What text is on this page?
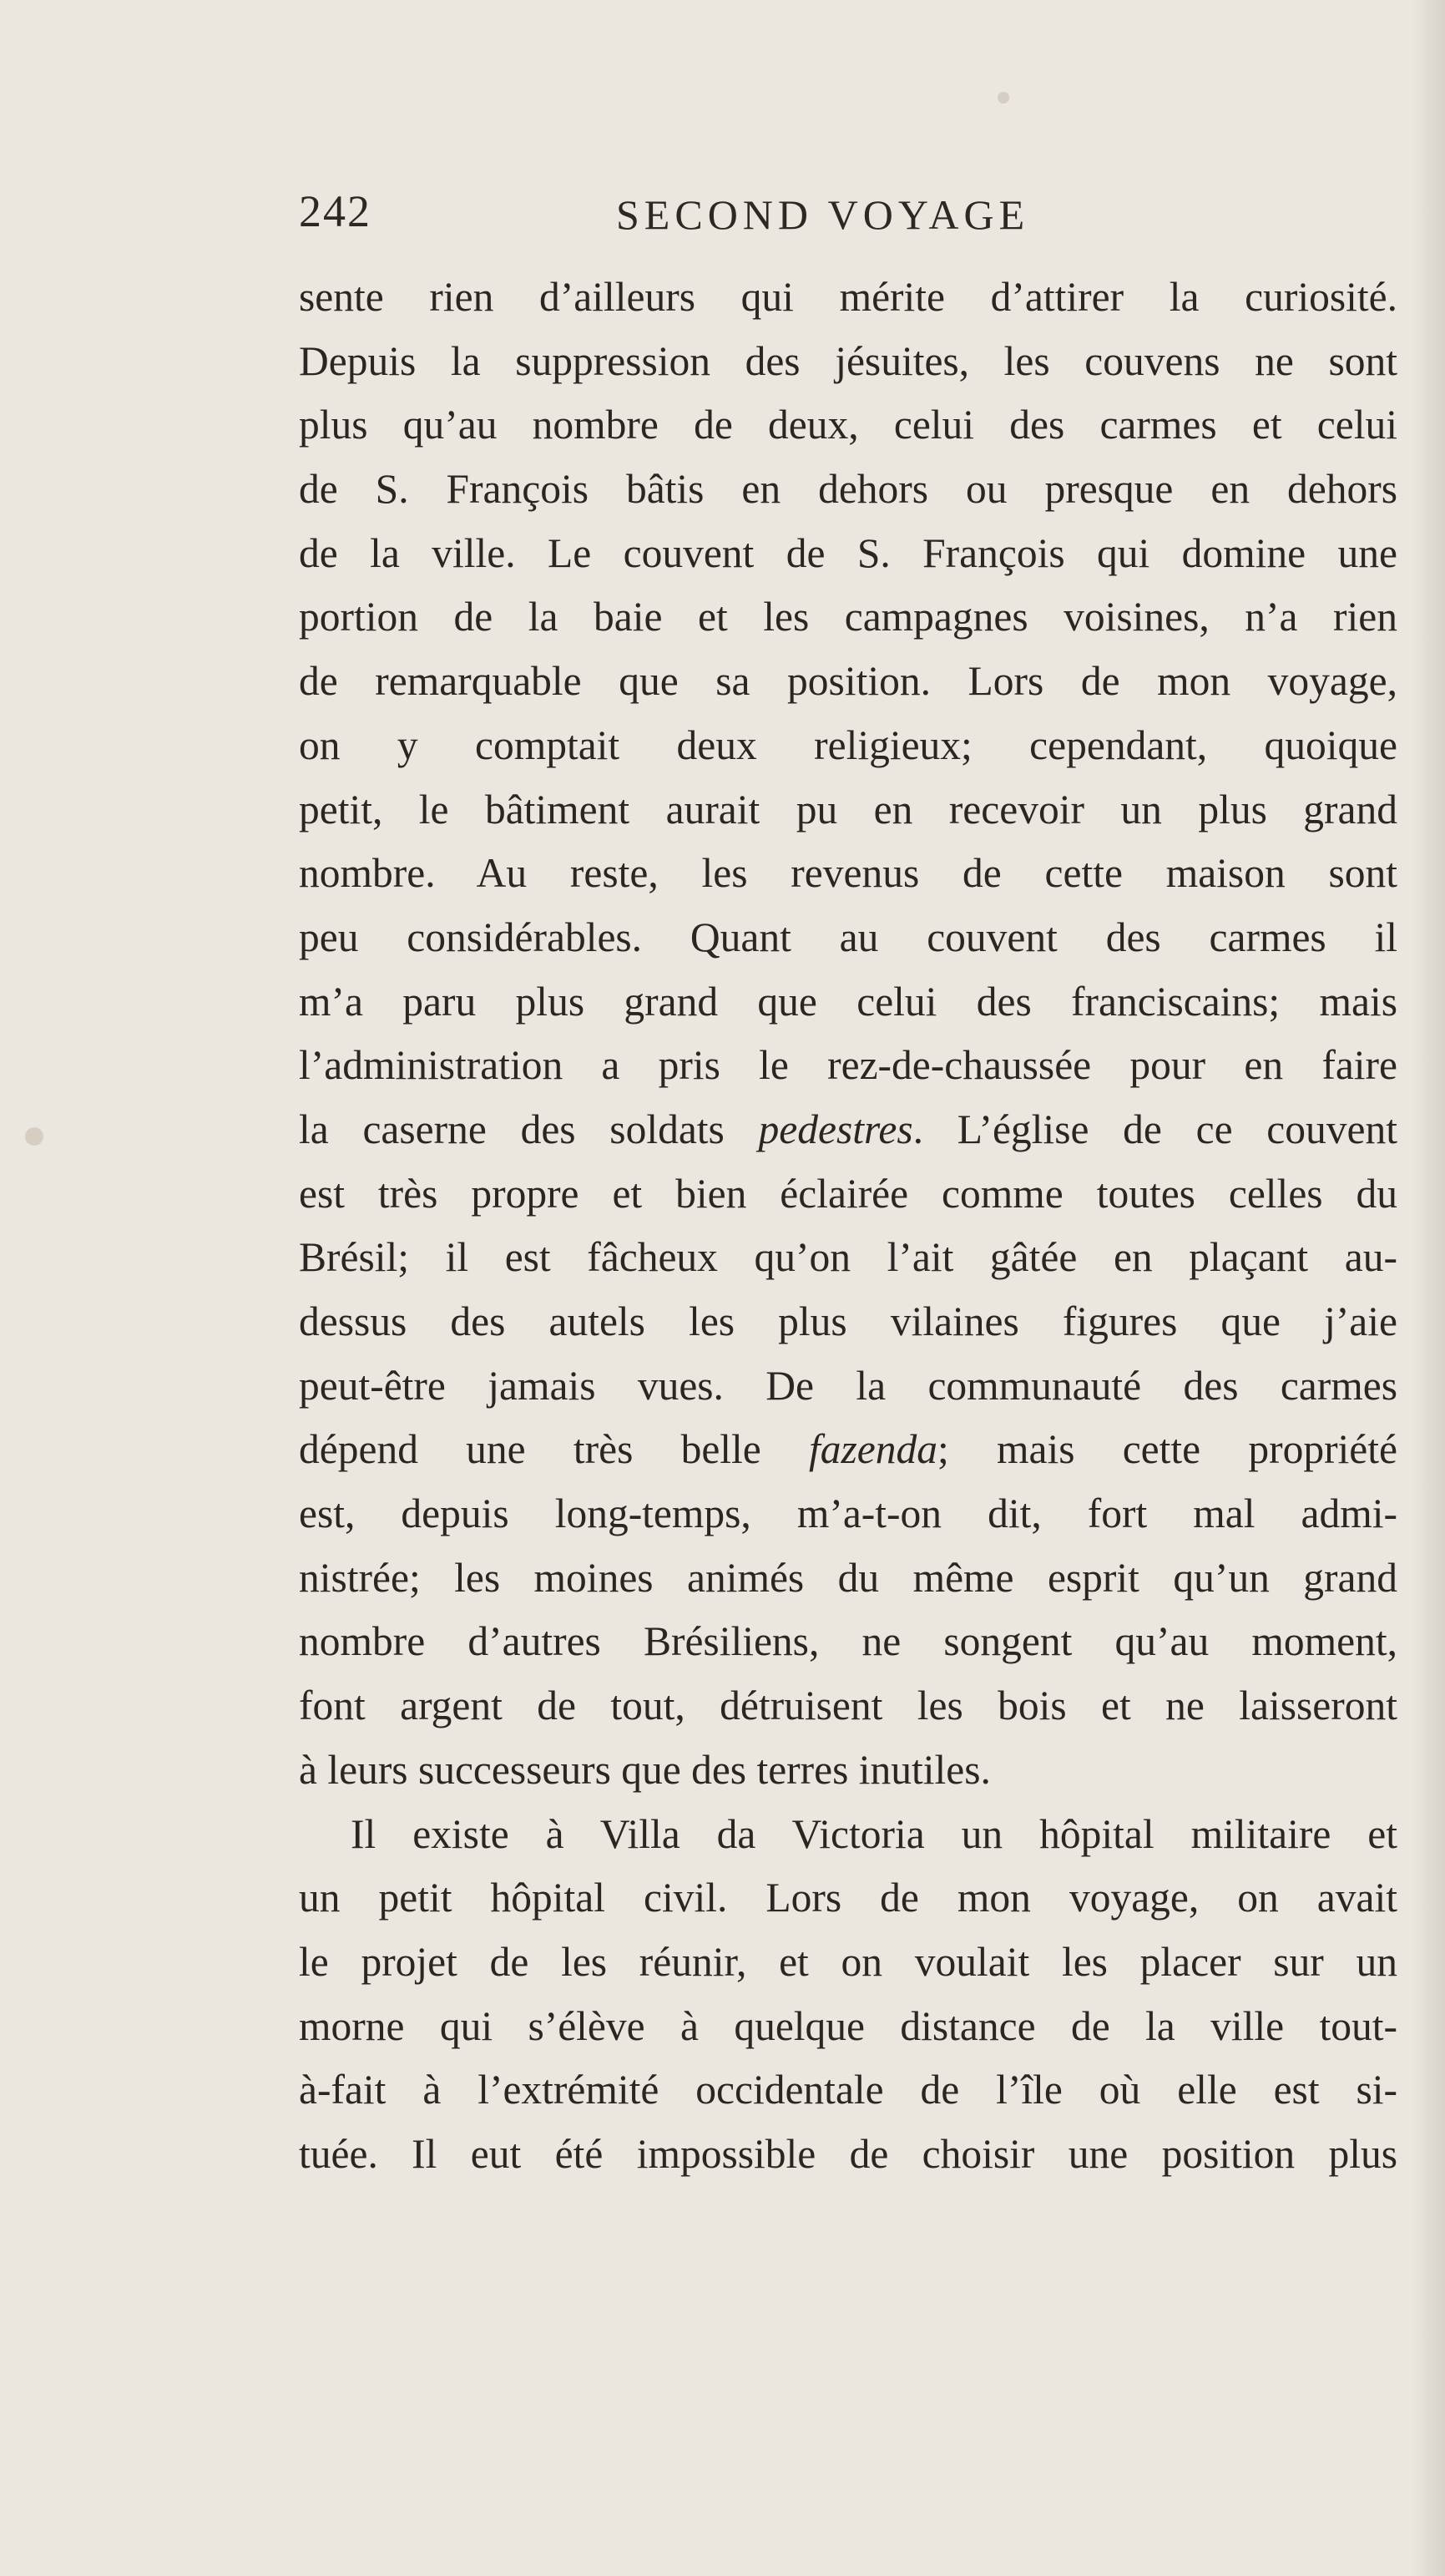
242	SECOND VOYAGE
sente rien d’ailleurs qui mérite d’attirer la curiosité.
Depuis la suppression des jésuites, les couvens ne sont
plus qu’au nombre de deux, celui des carmes et celui
de S. François bâtis en dehors ou presque en dehors
de la ville. Le couvent de S. François qui domine une
portion de la baie et les campagnes voisines, n’a rien
de remarquable que sa position. Lors de mon voyage,
on y comptait deux religieux; cependant, quoique
petit, le bâtiment aurait pu en recevoir un plus grand
nombre. Au reste, les revenus de cette maison sont
peu considérables. Quant au couvent des carmes il
m’a paru plus grand que celui des franciscains; mais
l’administration a pris le rez-de-chaussée pour en faire
la caserne des soldats pedestres. L’église de ce couvent
est très propre et bien éclairée comme toutes celles du
Brésil; il est fâcheux qu’on l’ait gâtée en plaçant au-
dessus des autels les plus vilaines figures que j’aie
peut-être jamais vues. De la communauté des carmes
dépend une très belle fazenda; mais cette propriété
est, depuis long-temps, m’a-t-on dit, fort mal admi-
nistrée; les moines animés du même esprit qu’un grand
nombre d’autres Brésiliens, ne songent qu’au moment,
font argent de tout, détruisent les bois et ne laisseront
à leurs successeurs que des terres inutiles.
Il existe à Villa da Victoria un hôpital militaire et
un petit hôpital civil. Lors de mon voyage, on avait
le projet de les réunir, et on voulait les placer sur un
morne qui s’élève à quelque distance de la ville tout-
à-fait à l’extrémité occidentale de l’île où elle est si-
tuée. Il eut été impossible de choisir une position plus
